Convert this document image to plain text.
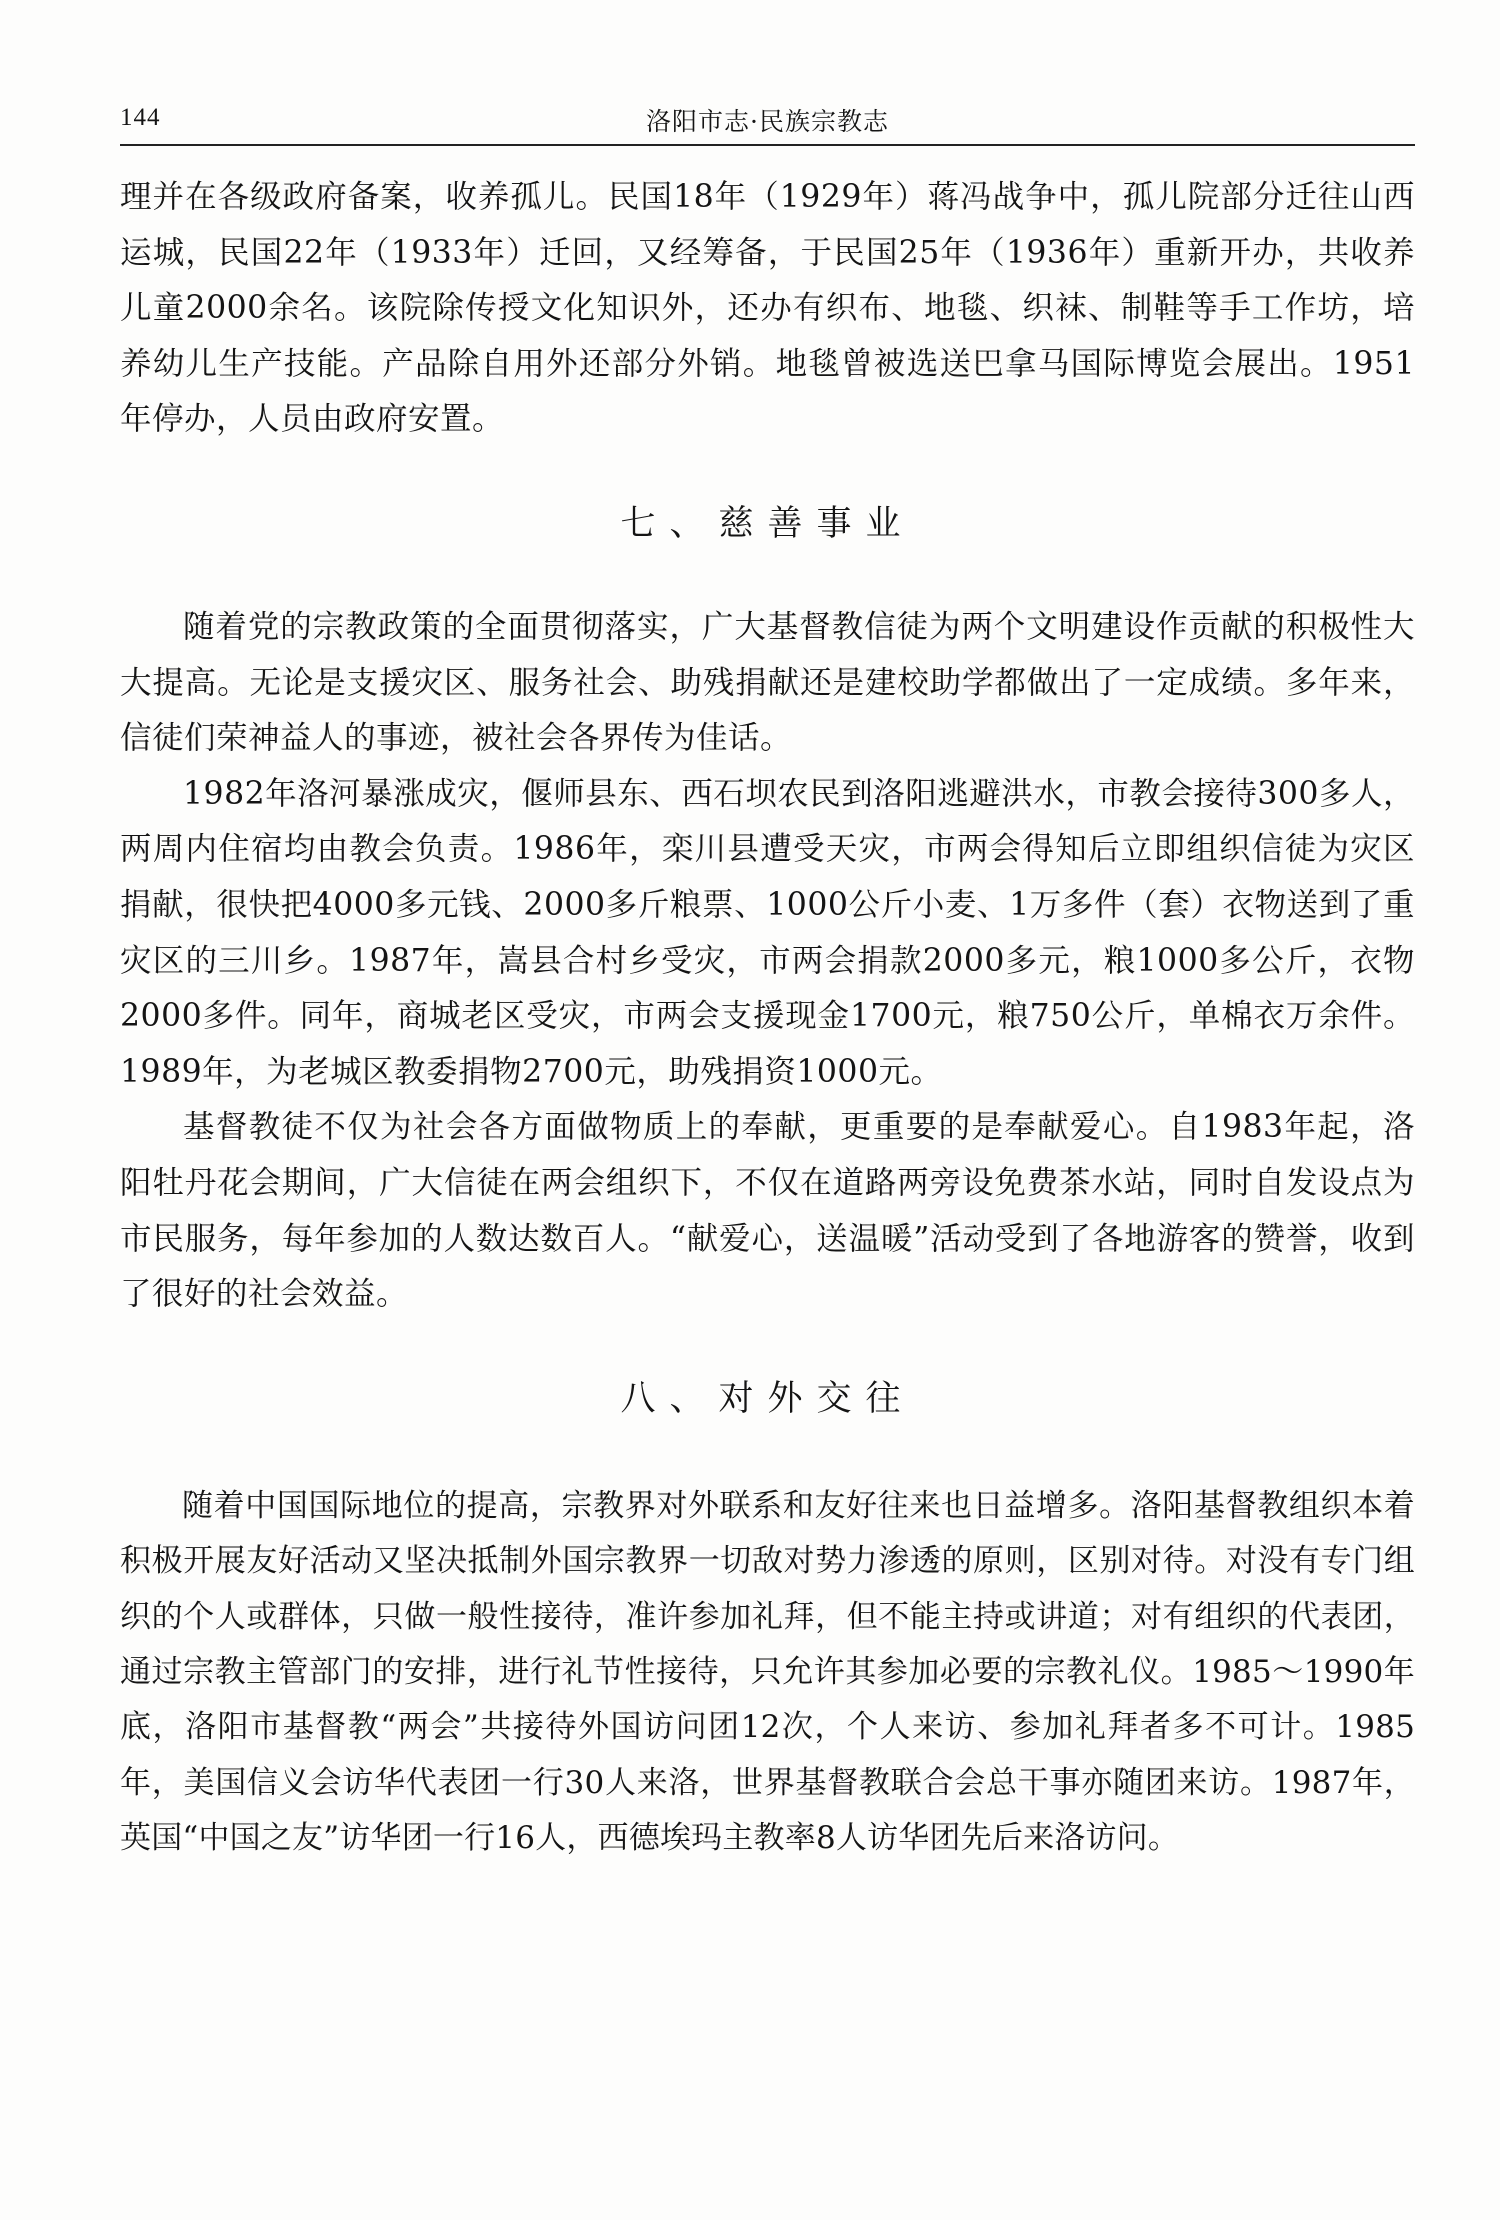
144	洛阳市志·民族宗教志

理并在各级政府备案，收养孤儿。民国18年（1929年）蒋冯战争中，孤儿院部分迁往山西运城，民国22年（1933年）迁回，又经筹备，于民国25年（1936年）重新开办，共收养儿童2000余名。该院除传授文化知识外，还办有织布、地毯、织袜、制鞋等手工作坊，培养幼儿生产技能。产品除自用外还部分外销。地毯曾被选送巴拿马国际博览会展出。1951年停办，人员由政府安置。

七、慈善事业

随着党的宗教政策的全面贯彻落实，广大基督教信徒为两个文明建设作贡献的积极性大大提高。无论是支援灾区、服务社会、助残捐献还是建校助学都做出了一定成绩。多年来，信徒们荣神益人的事迹，被社会各界传为佳话。

1982年洛河暴涨成灾，偃师县东、西石坝农民到洛阳逃避洪水，市教会接待300多人，两周内住宿均由教会负责。1986年，栾川县遭受天灾，市两会得知后立即组织信徒为灾区捐献，很快把4000多元钱、2000多斤粮票、1000公斤小麦、1万多件（套）衣物送到了重灾区的三川乡。1987年，嵩县合村乡受灾，市两会捐款2000多元，粮1000多公斤，衣物2000多件。同年，商城老区受灾，市两会支援现金1700元，粮750公斤，单棉衣万余件。1989年，为老城区教委捐物2700元，助残捐资1000元。

基督教徒不仅为社会各方面做物质上的奉献，更重要的是奉献爱心。自1983年起，洛阳牡丹花会期间，广大信徒在两会组织下，不仅在道路两旁设免费茶水站，同时自发设点为市民服务，每年参加的人数达数百人。“献爱心，送温暖”活动受到了各地游客的赞誉，收到了很好的社会效益。

八、对外交往

随着中国国际地位的提高，宗教界对外联系和友好往来也日益增多。洛阳基督教组织本着积极开展友好活动又坚决抵制外国宗教界一切敌对势力渗透的原则，区别对待。对没有专门组织的个人或群体，只做一般性接待，准许参加礼拜，但不能主持或讲道；对有组织的代表团，通过宗教主管部门的安排，进行礼节性接待，只允许其参加必要的宗教礼仪。1985～1990年底，洛阳市基督教“两会”共接待外国访问团12次，个人来访、参加礼拜者多不可计。1985年，美国信义会访华代表团一行30人来洛，世界基督教联合会总干事亦随团来访。1987年，英国“中国之友”访华团一行16人，西德埃玛主教率8人访华团先后来洛访问。
